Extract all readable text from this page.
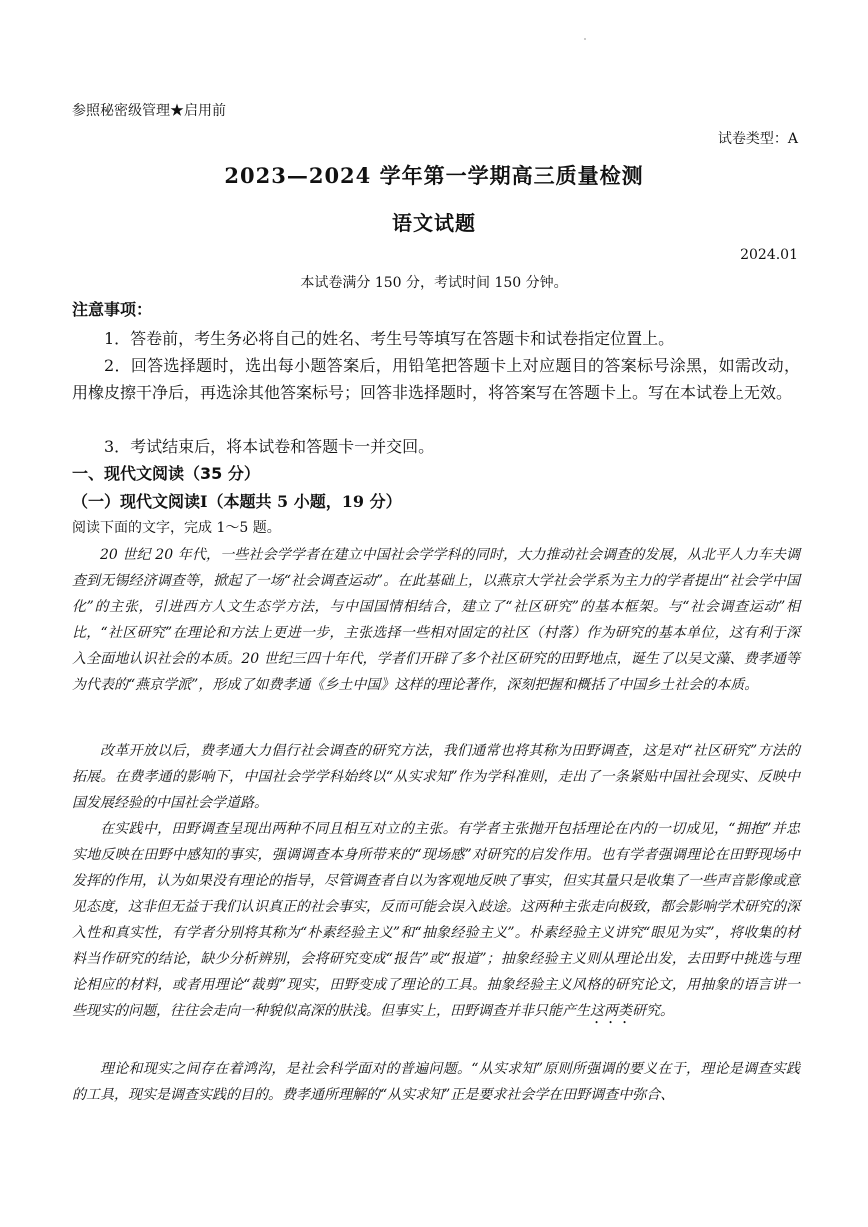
参照秘密级管理★启用前
试卷类型：A
2023—2024 学年第一学期高三质量检测
语文试题
2024.01
本试卷满分 150 分，考试时间 150 分钟。
注意事项：
1．答卷前，考生务必将自己的姓名、考生号等填写在答题卡和试卷指定位置上。
2．回答选择题时，选出每小题答案后，用铅笔把答题卡上对应题目的答案标号涂黑，如需改动，用橡皮擦干净后，再选涂其他答案标号；回答非选择题时，将答案写在答题卡上。写在本试卷上无效。
3．考试结束后，将本试卷和答题卡一并交回。
一、现代文阅读（35 分）
（一）现代文阅读Ⅰ（本题共 5 小题，19 分）
阅读下面的文字，完成 1～5 题。
20 世纪 20 年代，一些社会学学者在建立中国社会学学科的同时，大力推动社会调查的发展，从北平人力车夫调查到无锡经济调查等，掀起了一场“社会调查运动”。在此基础上，以燕京大学社会学系为主力的学者提出“社会学中国化”的主张，引进西方人文生态学方法，与中国国情相结合，建立了“社区研究”的基本框架。与“社会调查运动”相比，“社区研究”在理论和方法上更进一步，主张选择一些相对固定的社区（村落）作为研究的基本单位，这有利于深入全面地认识社会的本质。20 世纪三四十年代，学者们开辟了多个社区研究的田野地点，诞生了以吴文藻、费孝通等为代表的“燕京学派”，形成了如费孝通《乡土中国》这样的理论著作，深刻把握和概括了中国乡土社会的本质。
改革开放以后，费孝通大力倡行社会调查的研究方法，我们通常也将其称为田野调查，这是对“社区研究”方法的拓展。在费孝通的影响下，中国社会学学科始终以“从实求知”作为学科准则，走出了一条紧贴中国社会现实、反映中国发展经验的中国社会学道路。
在实践中，田野调查呈现出两种不同且相互对立的主张。有学者主张抛开包括理论在内的一切成见，“拥抱”并忠实地反映在田野中感知的事实，强调调查本身所带来的“现场感”对研究的启发作用。也有学者强调理论在田野现场中发挥的作用，认为如果没有理论的指导，尽管调查者自以为客观地反映了事实，但实其量只是收集了一些声音影像或意见态度，这非但无益于我们认识真正的社会事实，反而可能会误入歧途。这两种主张走向极致，都会影响学术研究的深入性和真实性，有学者分别将其称为“朴素经验主义”和“抽象经验主义”。朴素经验主义讲究“眼见为实”，将收集的材料当作研究的结论，缺少分析辨别，会将研究变成“报告”或“报道”；抽象经验主义则从理论出发，去田野中挑选与理论相应的材料，或者用理论“裁剪”现实，田野变成了理论的工具。抽象经验主义风格的研究论文，用抽象的语言讲一些现实的问题，往往会走向一种貌似高深的肤浅。但事实上，田野调查并非只能产生这两类研究。
理论和现实之间存在着鸿沟，是社会科学面对的普遍问题。“从实求知”原则所强调的要义在于，理论是调查实践的工具，现实是调查实践的目的。费孝通所理解的“从实求知”正是要求社会学在田野调查中弥合、
